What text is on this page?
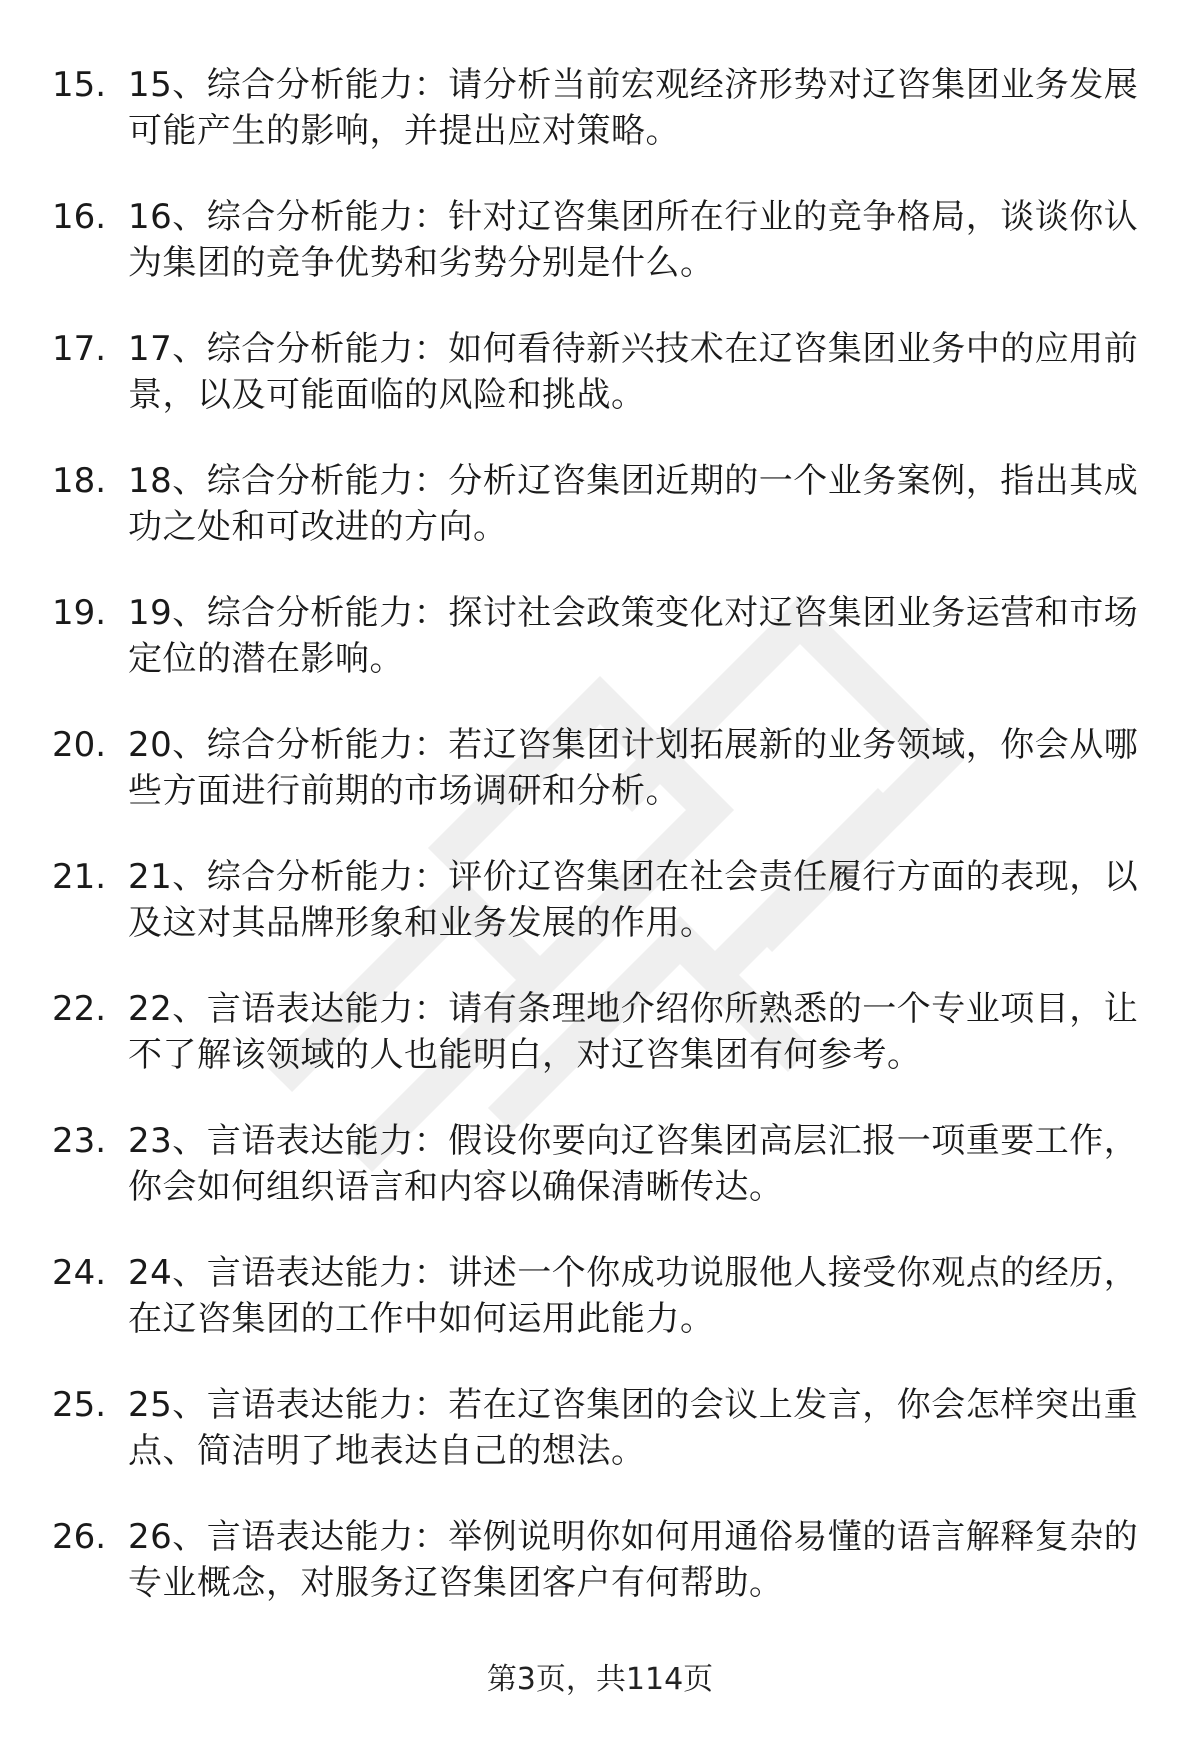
15. 15、综合分析能力：请分析当前宏观经济形势对辽咨集团业务发展可能产生的影响，并提出应对策略。
16. 16、综合分析能力：针对辽咨集团所在行业的竞争格局，谈谈你认为集团的竞争优势和劣势分别是什么。
17. 17、综合分析能力：如何看待新兴技术在辽咨集团业务中的应用前景，以及可能面临的风险和挑战。
18. 18、综合分析能力：分析辽咨集团近期的一个业务案例，指出其成功之处和可改进的方向。
19. 19、综合分析能力：探讨社会政策变化对辽咨集团业务运营和市场定位的潜在影响。
20. 20、综合分析能力：若辽咨集团计划拓展新的业务领域，你会从哪些方面进行前期的市场调研和分析。
21. 21、综合分析能力：评价辽咨集团在社会责任履行方面的表现，以及这对其品牌形象和业务发展的作用。
22. 22、言语表达能力：请有条理地介绍你所熟悉的一个专业项目，让不了解该领域的人也能明白，对辽咨集团有何参考。
23. 23、言语表达能力：假设你要向辽咨集团高层汇报一项重要工作，你会如何组织语言和内容以确保清晰传达。
24. 24、言语表达能力：讲述一个你成功说服他人接受你观点的经历，在辽咨集团的工作中如何运用此能力。
25. 25、言语表达能力：若在辽咨集团的会议上发言，你会怎样突出重点、简洁明了地表达自己的想法。
26. 26、言语表达能力：举例说明你如何用通俗易懂的语言解释复杂的专业概念，对服务辽咨集团客户有何帮助。
第3页，共114页
